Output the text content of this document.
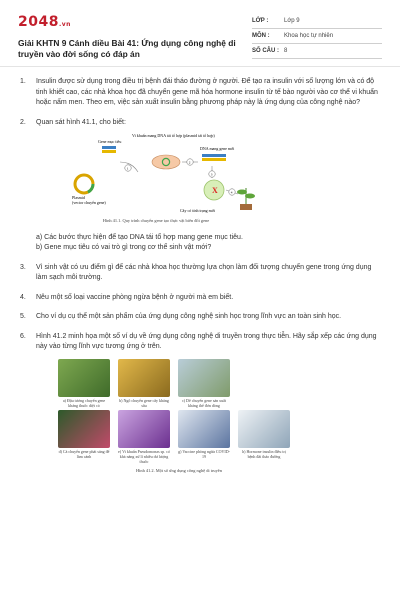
2048.vn
Giải KHTN 9 Cánh diều Bài 41: Ứng dụng công nghệ di truyền vào đời sống có đáp án
LỚP :	Lớp 9
MÔN :	Khoa học tự nhiên
SỐ CÂU : 8
1.	Insulin được sử dụng trong điều trị bệnh đái tháo đường ở người. Để tạo ra insulin với số lượng lớn và có độ tinh khiết cao, các nhà khoa học đã chuyển gene mã hóa hormone insulin từ tế bào người vào cơ thể vi khuẩn hoặc nấm men. Theo em, việc sản xuất insulin bằng phương pháp này là ứng dụng của công nghệ nào?
2.	Quan sát hình 41.1, cho biết:
X
Gene mục tiêu
Vi khuẩn mang DNA tái tổ hợp (plasmid tái tổ hợp)
DNA mang gene mới
Plasmid
(vector chuyển gene)
Cây có tính trạng mới
1
2
3
4
Hình 41.1. Quy trình chuyển gene tạo thực vật biến đổi gene
a) Các bước thực hiện để tạo DNA tái tổ hợp mang gene mục tiêu.
b) Gene mục tiêu có vai trò gì trong cơ thể sinh vật mới?
3.	Vì sinh vật có ưu điểm gì để các nhà khoa học thường lựa chọn làm đối tượng chuyển gene trong ứng dụng làm sạch môi trường.
4.	Nêu một số loại vaccine phòng ngừa bệnh ở người mà em biết.
5.	Cho ví dụ cụ thể một sản phẩm của ứng dụng công nghệ sinh học trong lĩnh vực an toàn sinh học.
6.	Hình 41.2 minh họa một số ví dụ về ứng dụng công nghệ di truyền trong thực tiễn. Hãy sắp xếp các ứng dụng này vào từng lĩnh vực tương ứng ở trên.
a) Đậu tương chuyển gene kháng thuốc diệt cỏ
b) Ngô chuyển gene cây kháng sâu
c) Dê chuyển gene sản xuất kháng thể đơn dòng
d) Cà chuyển gene phát sáng để làm cảnh
e) Vi khuẩn Pseudomonas sp. có khả năng xử lí nhiều dư lượng thuốc
g) Vaccine phòng ngừa COVID-19
h) Hormone insulin điều trị bệnh đái tháo đường
Hình 41.2. Một số ứng dụng công nghệ di truyền
